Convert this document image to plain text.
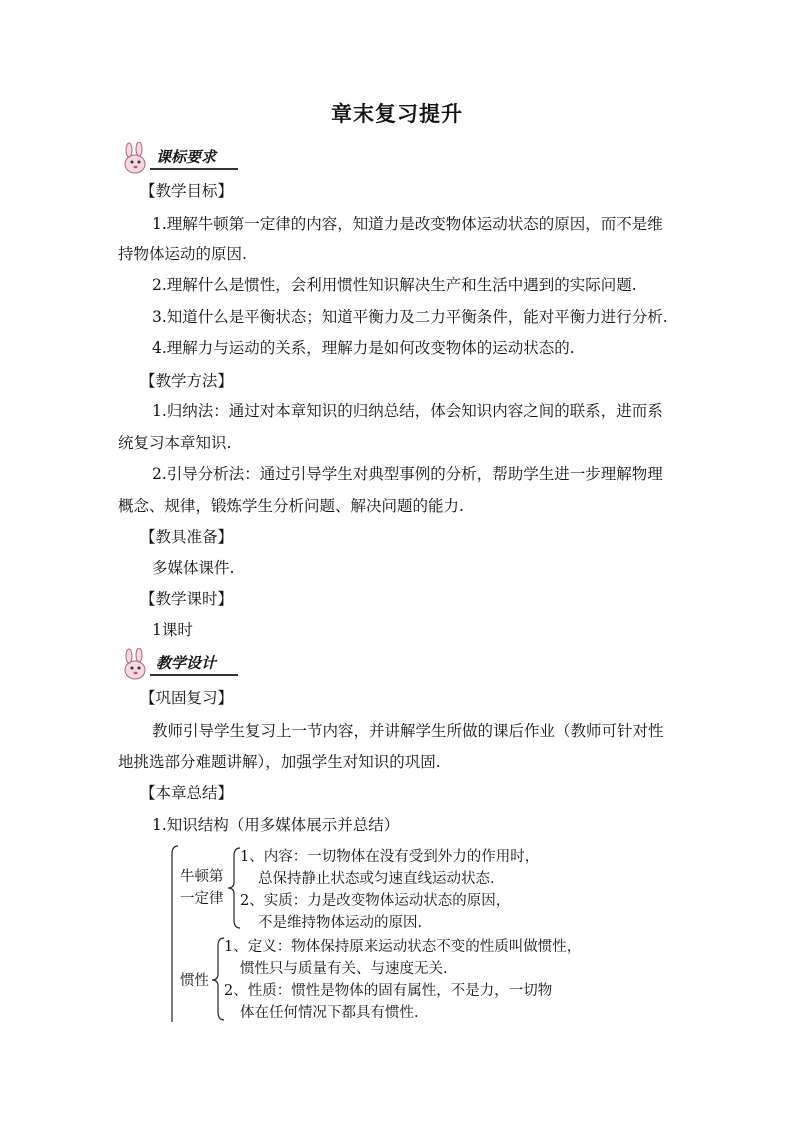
章末复习提升
课标要求
【教学目标】
1.理解牛顿第一定律的内容，知道力是改变物体运动状态的原因，而不是维
持物体运动的原因.
2.理解什么是惯性，会利用惯性知识解决生产和生活中遇到的实际问题.
3.知道什么是平衡状态；知道平衡力及二力平衡条件，能对平衡力进行分析.
4.理解力与运动的关系，理解力是如何改变物体的运动状态的.
【教学方法】
1.归纳法：通过对本章知识的归纳总结，体会知识内容之间的联系，进而系
统复习本章知识.
2.引导分析法：通过引导学生对典型事例的分析，帮助学生进一步理解物理
概念、规律，锻炼学生分析问题、解决问题的能力.
【教具准备】
多媒体课件.
【教学课时】
1课时
教学设计
【巩固复习】
教师引导学生复习上一节内容，并讲解学生所做的课后作业（教师可针对性
地挑选部分难题讲解），加强学生对知识的巩固.
【本章总结】
1.知识结构（用多媒体展示并总结）
牛顿第
一定律
1、内容：一切物体在没有受到外力的作用时，
总保持静止状态或匀速直线运动状态.
2、实质：力是改变物体运动状态的原因，
不是维持物体运动的原因.
惯性
1、定义：物体保持原来运动状态不变的性质叫做惯性，
惯性只与质量有关、与速度无关.
2、性质：惯性是物体的固有属性，不是力，一切物
体在任何情况下都具有惯性.
